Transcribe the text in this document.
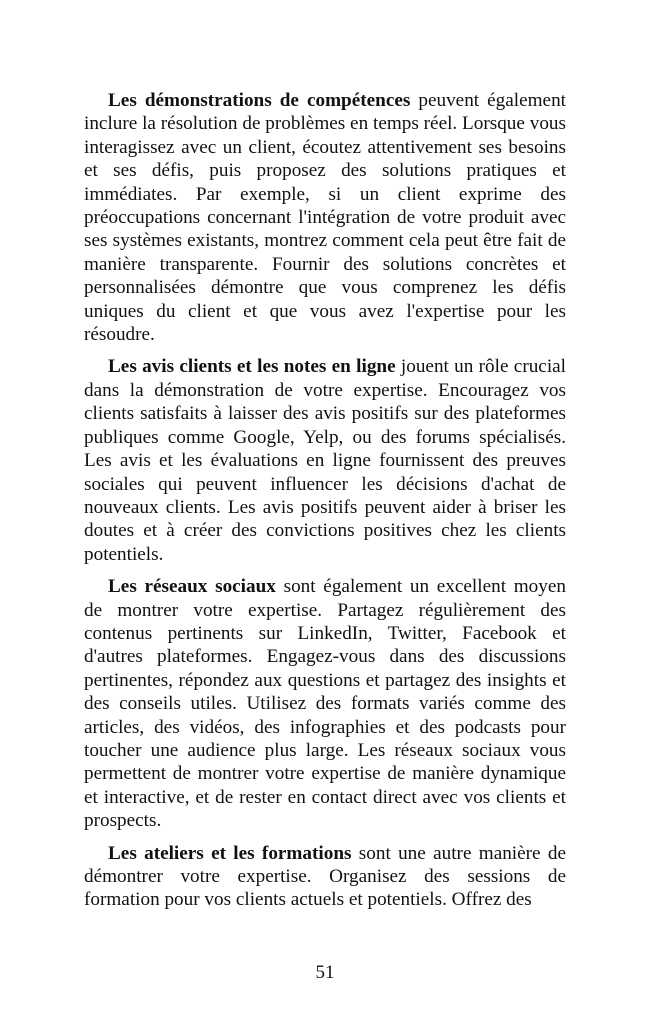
Les démonstrations de compétences peuvent également inclure la résolution de problèmes en temps réel. Lorsque vous interagissez avec un client, écoutez attentivement ses besoins et ses défis, puis proposez des solutions pratiques et immédiates. Par exemple, si un client exprime des préoccupations concernant l'intégration de votre produit avec ses systèmes existants, montrez comment cela peut être fait de manière transparente. Fournir des solutions concrètes et personnalisées démontre que vous comprenez les défis uniques du client et que vous avez l'expertise pour les résoudre.

Les avis clients et les notes en ligne jouent un rôle crucial dans la démonstration de votre expertise. Encouragez vos clients satisfaits à laisser des avis positifs sur des plateformes publiques comme Google, Yelp, ou des forums spécialisés. Les avis et les évaluations en ligne fournissent des preuves sociales qui peuvent influencer les décisions d'achat de nouveaux clients. Les avis positifs peuvent aider à briser les doutes et à créer des convictions positives chez les clients potentiels.

Les réseaux sociaux sont également un excellent moyen de montrer votre expertise. Partagez régulièrement des contenus pertinents sur LinkedIn, Twitter, Facebook et d'autres plateformes. Engagez-vous dans des discussions pertinentes, répondez aux questions et partagez des insights et des conseils utiles. Utilisez des formats variés comme des articles, des vidéos, des infographies et des podcasts pour toucher une audience plus large. Les réseaux sociaux vous permettent de montrer votre expertise de manière dynamique et interactive, et de rester en contact direct avec vos clients et prospects.

Les ateliers et les formations sont une autre manière de démontrer votre expertise. Organisez des sessions de formation pour vos clients actuels et potentiels. Offrez des

51
